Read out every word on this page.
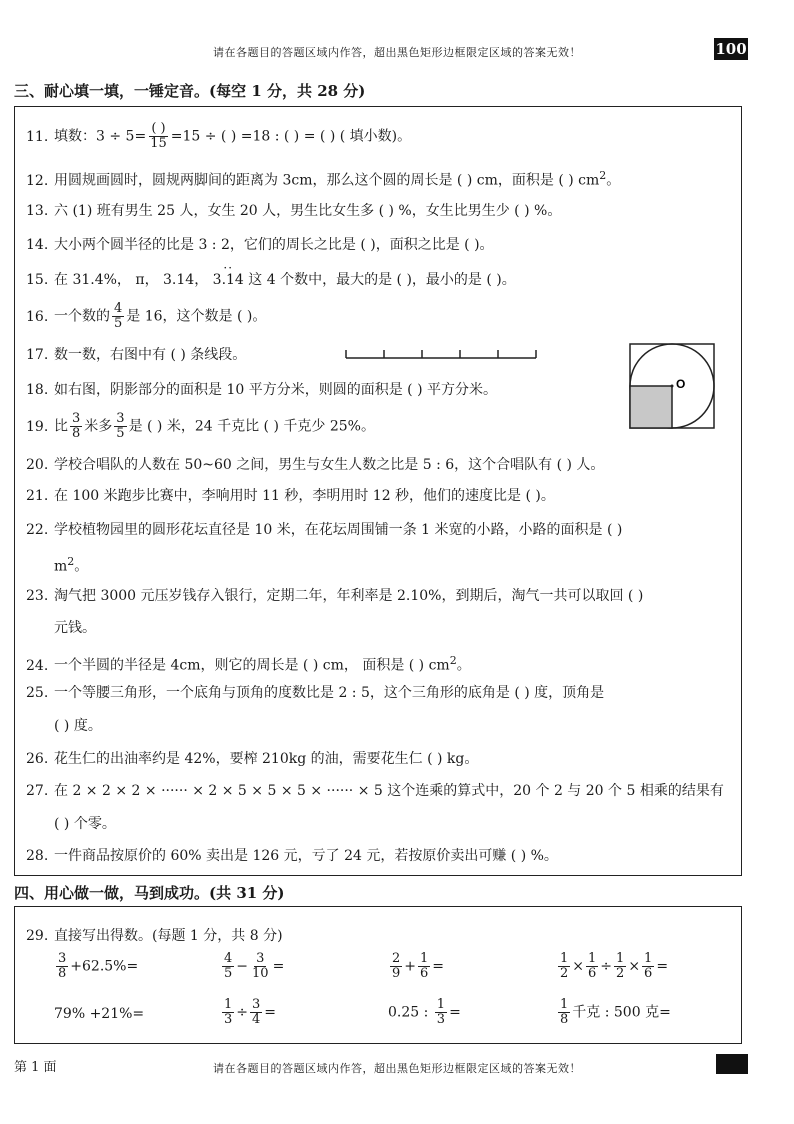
请在各题目的答题区域内作答，超出黑色矩形边框限定区域的答案无效！	100
三、耐心填一填，一锤定音。(每空 1 分，共 28 分)
11. 填数：$3 \div 5= \frac{( )}{15} =15$ ÷ ( ) =18 : ( ) = ( ) ( 填小数)。
12. 用圆规画圆时，圆规两脚间的距离为 3cm，那么这个圆的周长是 ( ) cm，面积是 ( ) $cm^2$。
13. 六 (1) 班有男生 25 人，女生 20 人，男生比女生多 ( ) %，女生比男生少 ( ) %。
14. 大小两个圆半径的比是 3 : 2，它们的周长之比是 ( )，面积之比是 ( )。
15. 在 31.4%， π， 3.14， ·· 3.14 这 4 个数中，最大的是 ( )，最小的是 ( )。
16. 一个数的 $\frac{4}{5}$ 是 16，这个数是 ( )。
17. 数一数，右图中有 ( ) 条线段。
O
18. 如右图，阴影部分的面积是 10 平方分米，则圆的面积是 ( ) 平方分米。
19. 比 $\frac{3}{8}$ 米多 $\frac{3}{5}$ 是 ( ) 米，24 千克比 ( ) 千克少 25%。
20. 学校合唱队的人数在 50~60 之间，男生与女生人数之比是 5 : 6，这个合唱队有 ( ) 人。
21. 在 100 米跑步比赛中，李响用时 11 秒，李明用时 12 秒，他们的速度比是 ( )。
22. 学校植物园里的圆形花坛直径是 10 米，在花坛周围铺一条 1 米宽的小路，小路的面积是 ( )
$m^2$。
23. 淘气把 3000 元压岁钱存入银行，定期二年，年利率是 2.10%，到期后，淘气一共可以取回 ( )
元钱。
24. 一个半圆的半径是 4cm，则它的周长是 ( ) cm， 面积是 ( ) $cm^2$。
25. 一个等腰三角形，一个底角与顶角的度数比是 2 : 5，这个三角形的底角是 ( ) 度，顶角是
( ) 度。
26. 花生仁的出油率约是 42%，要榨 210kg 的油，需要花生仁 ( ) kg。
27. 在 2 × 2 × 2 × ······ × 2 × 5 × 5 × 5 × ······ × 5 这个连乘的算式中，20 个 2 与 20 个 5 相乘的结果有
( ) 个零。
28. 一件商品按原价的 60% 卖出是 126 元，亏了 24 元，若按原价卖出可赚 ( ) %。
四、用心做一做，马到成功。(共 31 分)
29. 直接写出得数。(每题 1 分，共 8 分)
$\frac{3}{8} +62.5\%=$	$\frac{4}{5} - \frac{3}{10}$ =	$\frac{2}{9} + \frac{1}{6}$ =	$\frac{1}{2} \times \frac{1}{6} \div \frac{1}{2} \times \frac{1}{6}$ =
79% +21%=	$\frac{1}{3} \div \frac{3}{4}$ =	0.25 : $\frac{1}{3}$ =	$\frac{1}{8}$ 千克 : 500 克=
第 1 面	请在各题目的答题区域内作答，超出黑色矩形边框限定区域的答案无效！
